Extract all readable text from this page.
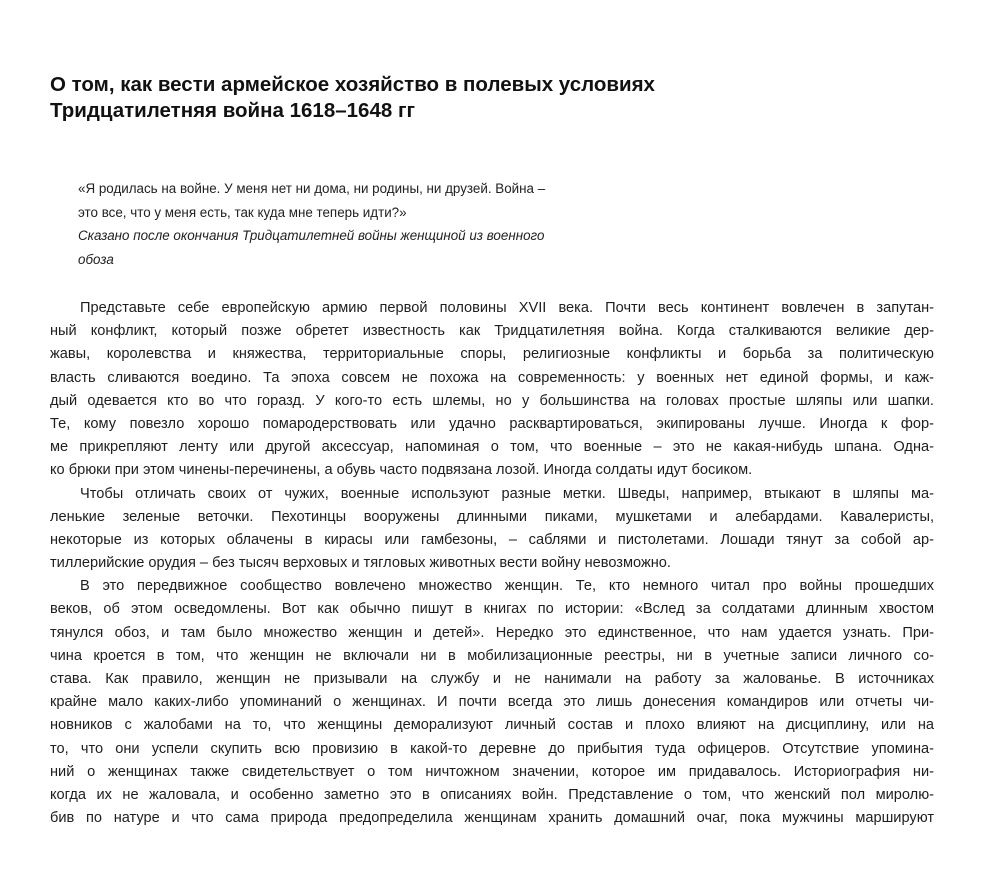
О том, как вести армейское хозяйство в полевых условиях
Тридцатилетняя война 1618–1648 гг
«Я родилась на войне. У меня нет ни дома, ни родины, ни друзей. Война –
это все, что у меня есть, так куда мне теперь идти?»
Сказано после окончания Тридцатилетней войны женщиной из военного
обоза
Представьте себе европейскую армию первой половины XVII века. Почти весь континент вовлечен в запутан-
ный конфликт, который позже обретет известность как Тридцатилетняя война. Когда сталкиваются великие дер-
жавы, королевства и княжества, территориальные споры, религиозные конфликты и борьба за политическую
власть сливаются воедино. Та эпоха совсем не похожа на современность: у военных нет единой формы, и каж-
дый одевается кто во что горазд. У кого-то есть шлемы, но у большинства на головах простые шляпы или шапки.
Те, кому повезло хорошо помародерствовать или удачно расквартироваться, экипированы лучше. Иногда к фор-
ме прикрепляют ленту или другой аксессуар, напоминая о том, что военные – это не какая-нибудь шпана. Одна-
ко брюки при этом чинены-перечинены, а обувь часто подвязана лозой. Иногда солдаты идут босиком.
Чтобы отличать своих от чужих, военные используют разные метки. Шведы, например, втыкают в шляпы ма-
ленькие зеленые веточки. Пехотинцы вооружены длинными пиками, мушкетами и алебардами. Кавалеристы,
некоторые из которых облачены в кирасы или гамбезоны, – саблями и пистолетами. Лошади тянут за собой ар-
тиллерийские орудия – без тысяч верховых и тягловых животных вести войну невозможно.
В это передвижное сообщество вовлечено множество женщин. Те, кто немного читал про войны прошедших
веков, об этом осведомлены. Вот как обычно пишут в книгах по истории: «Вслед за солдатами длинным хвостом
тянулся обоз, и там было множество женщин и детей». Нередко это единственное, что нам удается узнать. При-
чина кроется в том, что женщин не включали ни в мобилизационные реестры, ни в учетные записи личного со-
става. Как правило, женщин не призывали на службу и не нанимали на работу за жалованье. В источниках
крайне мало каких-либо упоминаний о женщинах. И почти всегда это лишь донесения командиров или отчеты чи-
новников с жалобами на то, что женщины деморализуют личный состав и плохо влияют на дисциплину, или на
то, что они успели скупить всю провизию в какой-то деревне до прибытия туда офицеров. Отсутствие упомина-
ний о женщинах также свидетельствует о том ничтожном значении, которое им придавалось. Историография ни-
когда их не жаловала, и особенно заметно это в описаниях войн. Представление о том, что женский пол миролю-
бив по натуре и что сама природа предопределила женщинам хранить домашний очаг, пока мужчины маршируют
